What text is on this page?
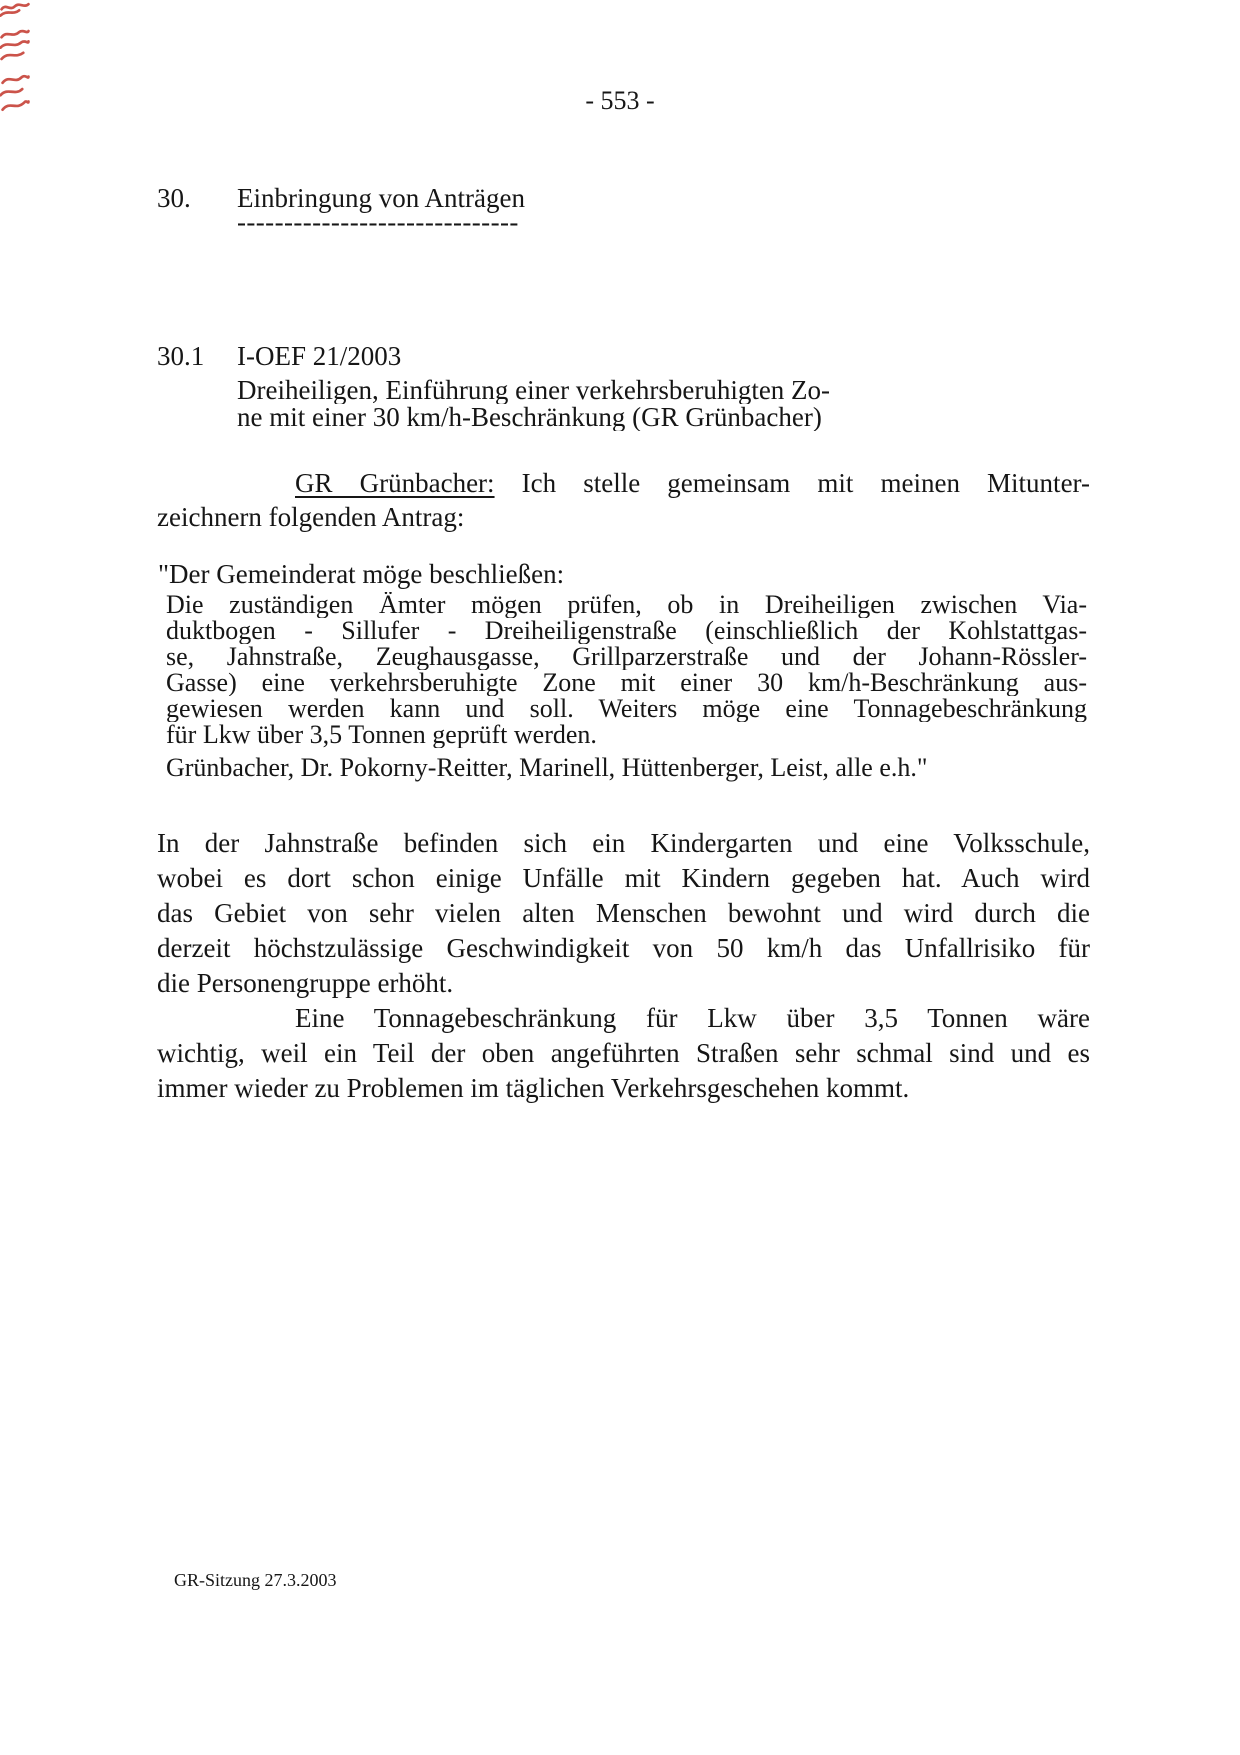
- 553 -
30. Einbringung von Anträgen
------------------------------
30.1 I-OEF 21/2003
Dreiheiligen, Einführung einer verkehrsberuhigten Zo-
ne mit einer 30 km/h-Beschränkung (GR Grünbacher)
GR Grünbacher: Ich stelle gemeinsam mit meinen Mitunter-
zeichnern folgenden Antrag:
"Der Gemeinderat möge beschließen:
Die zuständigen Ämter mögen prüfen, ob in Dreiheiligen zwischen Via-
duktbogen - Sillufer - Dreiheiligenstraße (einschließlich der Kohlstattgas-
se, Jahnstraße, Zeughausgasse, Grillparzerstraße und der Johann-Rössler-
Gasse) eine verkehrsberuhigte Zone mit einer 30 km/h-Beschränkung aus-
gewiesen werden kann und soll. Weiters möge eine Tonnagebeschränkung
für Lkw über 3,5 Tonnen geprüft werden.
Grünbacher, Dr. Pokorny-Reitter, Marinell, Hüttenberger, Leist, alle e.h."
In der Jahnstraße befinden sich ein Kindergarten und eine Volksschule,
wobei es dort schon einige Unfälle mit Kindern gegeben hat. Auch wird
das Gebiet von sehr vielen alten Menschen bewohnt und wird durch die
derzeit höchstzulässige Geschwindigkeit von 50 km/h das Unfallrisiko für
die Personengruppe erhöht.
Eine Tonnagebeschränkung für Lkw über 3,5 Tonnen wäre
wichtig, weil ein Teil der oben angeführten Straßen sehr schmal sind und es
immer wieder zu Problemen im täglichen Verkehrsgeschehen kommt.
GR-Sitzung 27.3.2003
